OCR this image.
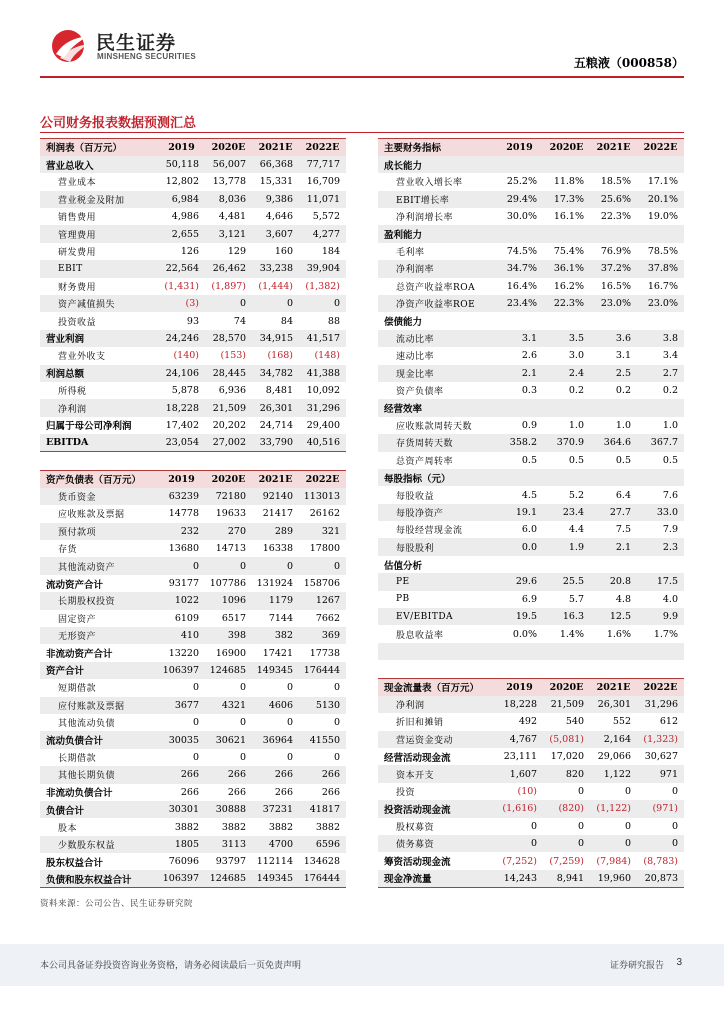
民生证券
MINSHENG SECURITIES	五粮液（000858）
公司财务报表数据预测汇总
利润表（百万元）	2019	2020E	2021E	2022E
营业总收入	50,118	56,007	66,368	77,717
营业成本	12,802	13,778	15,331	16,709
营业税金及附加	6,984	8,036	9,386	11,071
销售费用	4,986	4,481	4,646	5,572
管理费用	2,655	3,121	3,607	4,277
研发费用	126	129	160	184
EBIT	22,564	26,462	33,238	39,904
财务费用	(1,431)	(1,897)	(1,444)	(1,382)
资产减值损失	(3)	0	0	0
投资收益	93	74	84	88
营业利润	24,246	28,570	34,915	41,517
营业外收支	(140)	(153)	(168)	(148)
利润总额	24,106	28,445	34,782	41,388
所得税	5,878	6,936	8,481	10,092
净利润	18,228	21,509	26,301	31,296
归属于母公司净利润	17,402	20,202	24,714	29,400
EBITDA	23,054	27,002	33,790	40,516
资产负债表（百万元）	2019	2020E	2021E	2022E
货币资金	63239	72180	92140	113013
应收账款及票据	14778	19633	21417	26162
预付款项	232	270	289	321
存货	13680	14713	16338	17800
其他流动资产	0	0	0	0
流动资产合计	93177	107786	131924	158706
长期股权投资	1022	1096	1179	1267
固定资产	6109	6517	7144	7662
无形资产	410	398	382	369
非流动资产合计	13220	16900	17421	17738
资产合计	106397	124685	149345	176444
短期借款	0	0	0	0
应付账款及票据	3677	4321	4606	5130
其他流动负债	0	0	0	0
流动负债合计	30035	30621	36964	41550
长期借款	0	0	0	0
其他长期负债	266	266	266	266
非流动负债合计	266	266	266	266
负债合计	30301	30888	37231	41817
股本	3882	3882	3882	3882
少数股东权益	1805	3113	4700	6596
股东权益合计	76096	93797	112114	134628
负债和股东权益合计	106397	124685	149345	176444
主要财务指标	2019	2020E	2021E	2022E
成长能力				
营业收入增长率	25.2%	11.8%	18.5%	17.1%
EBIT增长率	29.4%	17.3%	25.6%	20.1%
净利润增长率	30.0%	16.1%	22.3%	19.0%
盈利能力				
毛利率	74.5%	75.4%	76.9%	78.5%
净利润率	34.7%	36.1%	37.2%	37.8%
总资产收益率ROA	16.4%	16.2%	16.5%	16.7%
净资产收益率ROE	23.4%	22.3%	23.0%	23.0%
偿债能力				
流动比率	3.1	3.5	3.6	3.8
速动比率	2.6	3.0	3.1	3.4
现金比率	2.1	2.4	2.5	2.7
资产负债率	0.3	0.2	0.2	0.2
经营效率				
应收账款周转天数	0.9	1.0	1.0	1.0
存货周转天数	358.2	370.9	364.6	367.7
总资产周转率	0.5	0.5	0.5	0.5
每股指标（元）				
每股收益	4.5	5.2	6.4	7.6
每股净资产	19.1	23.4	27.7	33.0
每股经营现金流	6.0	4.4	7.5	7.9
每股股利	0.0	1.9	2.1	2.3
估值分析				
PE	29.6	25.5	20.8	17.5
PB	6.9	5.7	4.8	4.0
EV/EBITDA	19.5	16.3	12.5	9.9
股息收益率	0.0%	1.4%	1.6%	1.7%

现金流量表（百万元）	2019	2020E	2021E	2022E
净利润	18,228	21,509	26,301	31,296
折旧和摊销	492	540	552	612
营运资金变动	4,767	(5,081)	2,164	(1,323)
经营活动现金流	23,111	17,020	29,066	30,627
资本开支	1,607	820	1,122	971
投资	(10)	0	0	0
投资活动现金流	(1,616)	(820)	(1,122)	(971)
股权募资	0	0	0	0
债务募资	0	0	0	0
筹资活动现金流	(7,252)	(7,259)	(7,984)	(8,783)
现金净流量	14,243	8,941	19,960	20,873
资料来源：公司公告、民生证券研究院
本公司具备证券投资咨询业务资格，请务必阅读最后一页免责声明	证券研究报告 3
